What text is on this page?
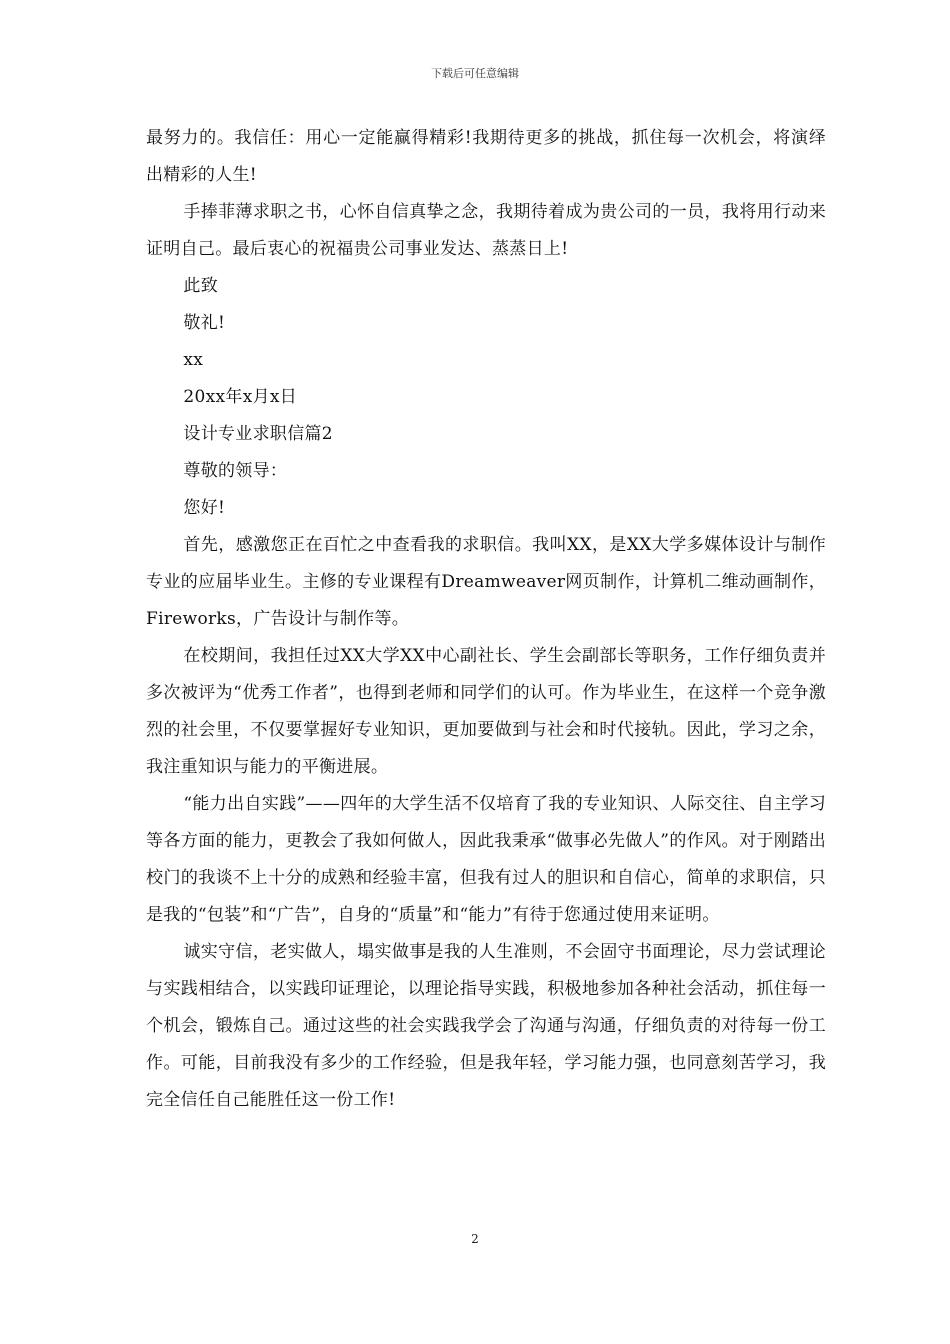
下载后可任意编辑

最努力的。我信任：用心一定能赢得精彩!我期待更多的挑战，抓住每一次机会，将演绎出精彩的人生!

手捧菲薄求职之书，心怀自信真挚之念，我期待着成为贵公司的一员，我将用行动来证明自己。最后衷心的祝福贵公司事业发达、蒸蒸日上!

此致

敬礼!

xx

20xx年x月x日

设计专业求职信篇2

尊敬的领导：

您好!

首先，感激您正在百忙之中查看我的求职信。我叫XX，是XX大学多媒体设计与制作专业的应届毕业生。主修的专业课程有Dreamweaver网页制作，计算机二维动画制作，Fireworks，广告设计与制作等。

在校期间，我担任过XX大学XX中心副社长、学生会副部长等职务，工作仔细负责并多次被评为“优秀工作者”，也得到老师和同学们的认可。作为毕业生，在这样一个竞争激烈的社会里，不仅要掌握好专业知识，更加要做到与社会和时代接轨。因此，学习之余，我注重知识与能力的平衡进展。

“能力出自实践”——四年的大学生活不仅培育了我的专业知识、人际交往、自主学习等各方面的能力，更教会了我如何做人，因此我秉承“做事必先做人”的作风。对于刚踏出校门的我谈不上十分的成熟和经验丰富，但我有过人的胆识和自信心，简单的求职信，只是我的“包装”和“广告”，自身的“质量”和“能力”有待于您通过使用来证明。

诚实守信，老实做人，塌实做事是我的人生准则，不会固守书面理论，尽力尝试理论与实践相结合，以实践印证理论，以理论指导实践，积极地参加各种社会活动，抓住每一个机会，锻炼自己。通过这些的社会实践我学会了沟通与沟通，仔细负责的对待每一份工作。可能，目前我没有多少的工作经验，但是我年轻，学习能力强，也同意刻苦学习，我完全信任自己能胜任这一份工作!

2
